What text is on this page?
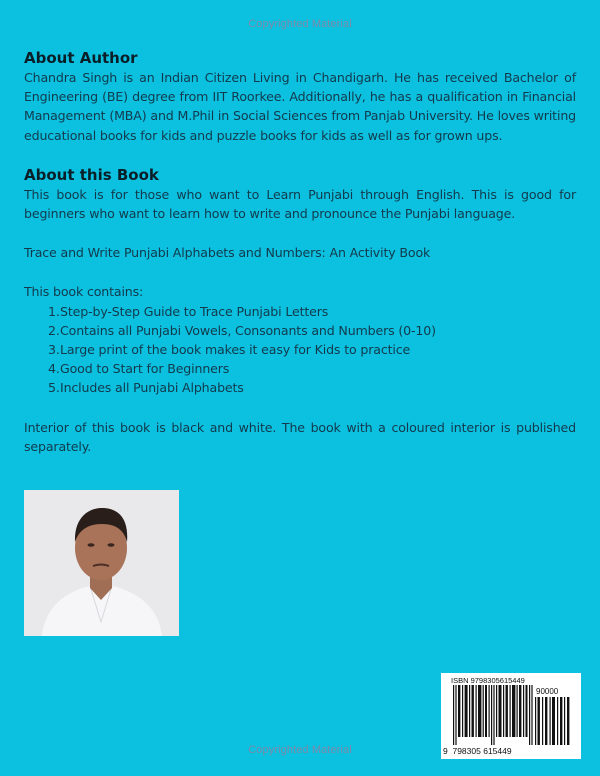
Copyrighted Material
About Author

Chandra Singh is an Indian Citizen Living in Chandigarh. He has received Bachelor of Engineering (BE) degree from IIT Roorkee. Additionally, he has a qualification in Financial Management (MBA) and M.Phil in Social Sciences from Panjab University. He loves writing educational books for kids and puzzle books for kids as well as for grown ups.

About this Book

This book is for those who want to Learn Punjabi through English. This is good for beginners who want to learn how to write and pronounce the Punjabi language.

Trace and Write Punjabi Alphabets and Numbers: An Activity Book

This book contains:

1.Step-by-Step Guide to Trace Punjabi Letters
2.Contains all Punjabi Vowels, Consonants and Numbers (0-10)
3.Large print of the book makes it easy for Kids to practice
4.Good to Start for Beginners
5.Includes all Punjabi Alphabets

Interior of this book is black and white. The book with a coloured interior is published separately.

ISBN 9798305615449
90000
9 798305 615449
Copyrighted Material
